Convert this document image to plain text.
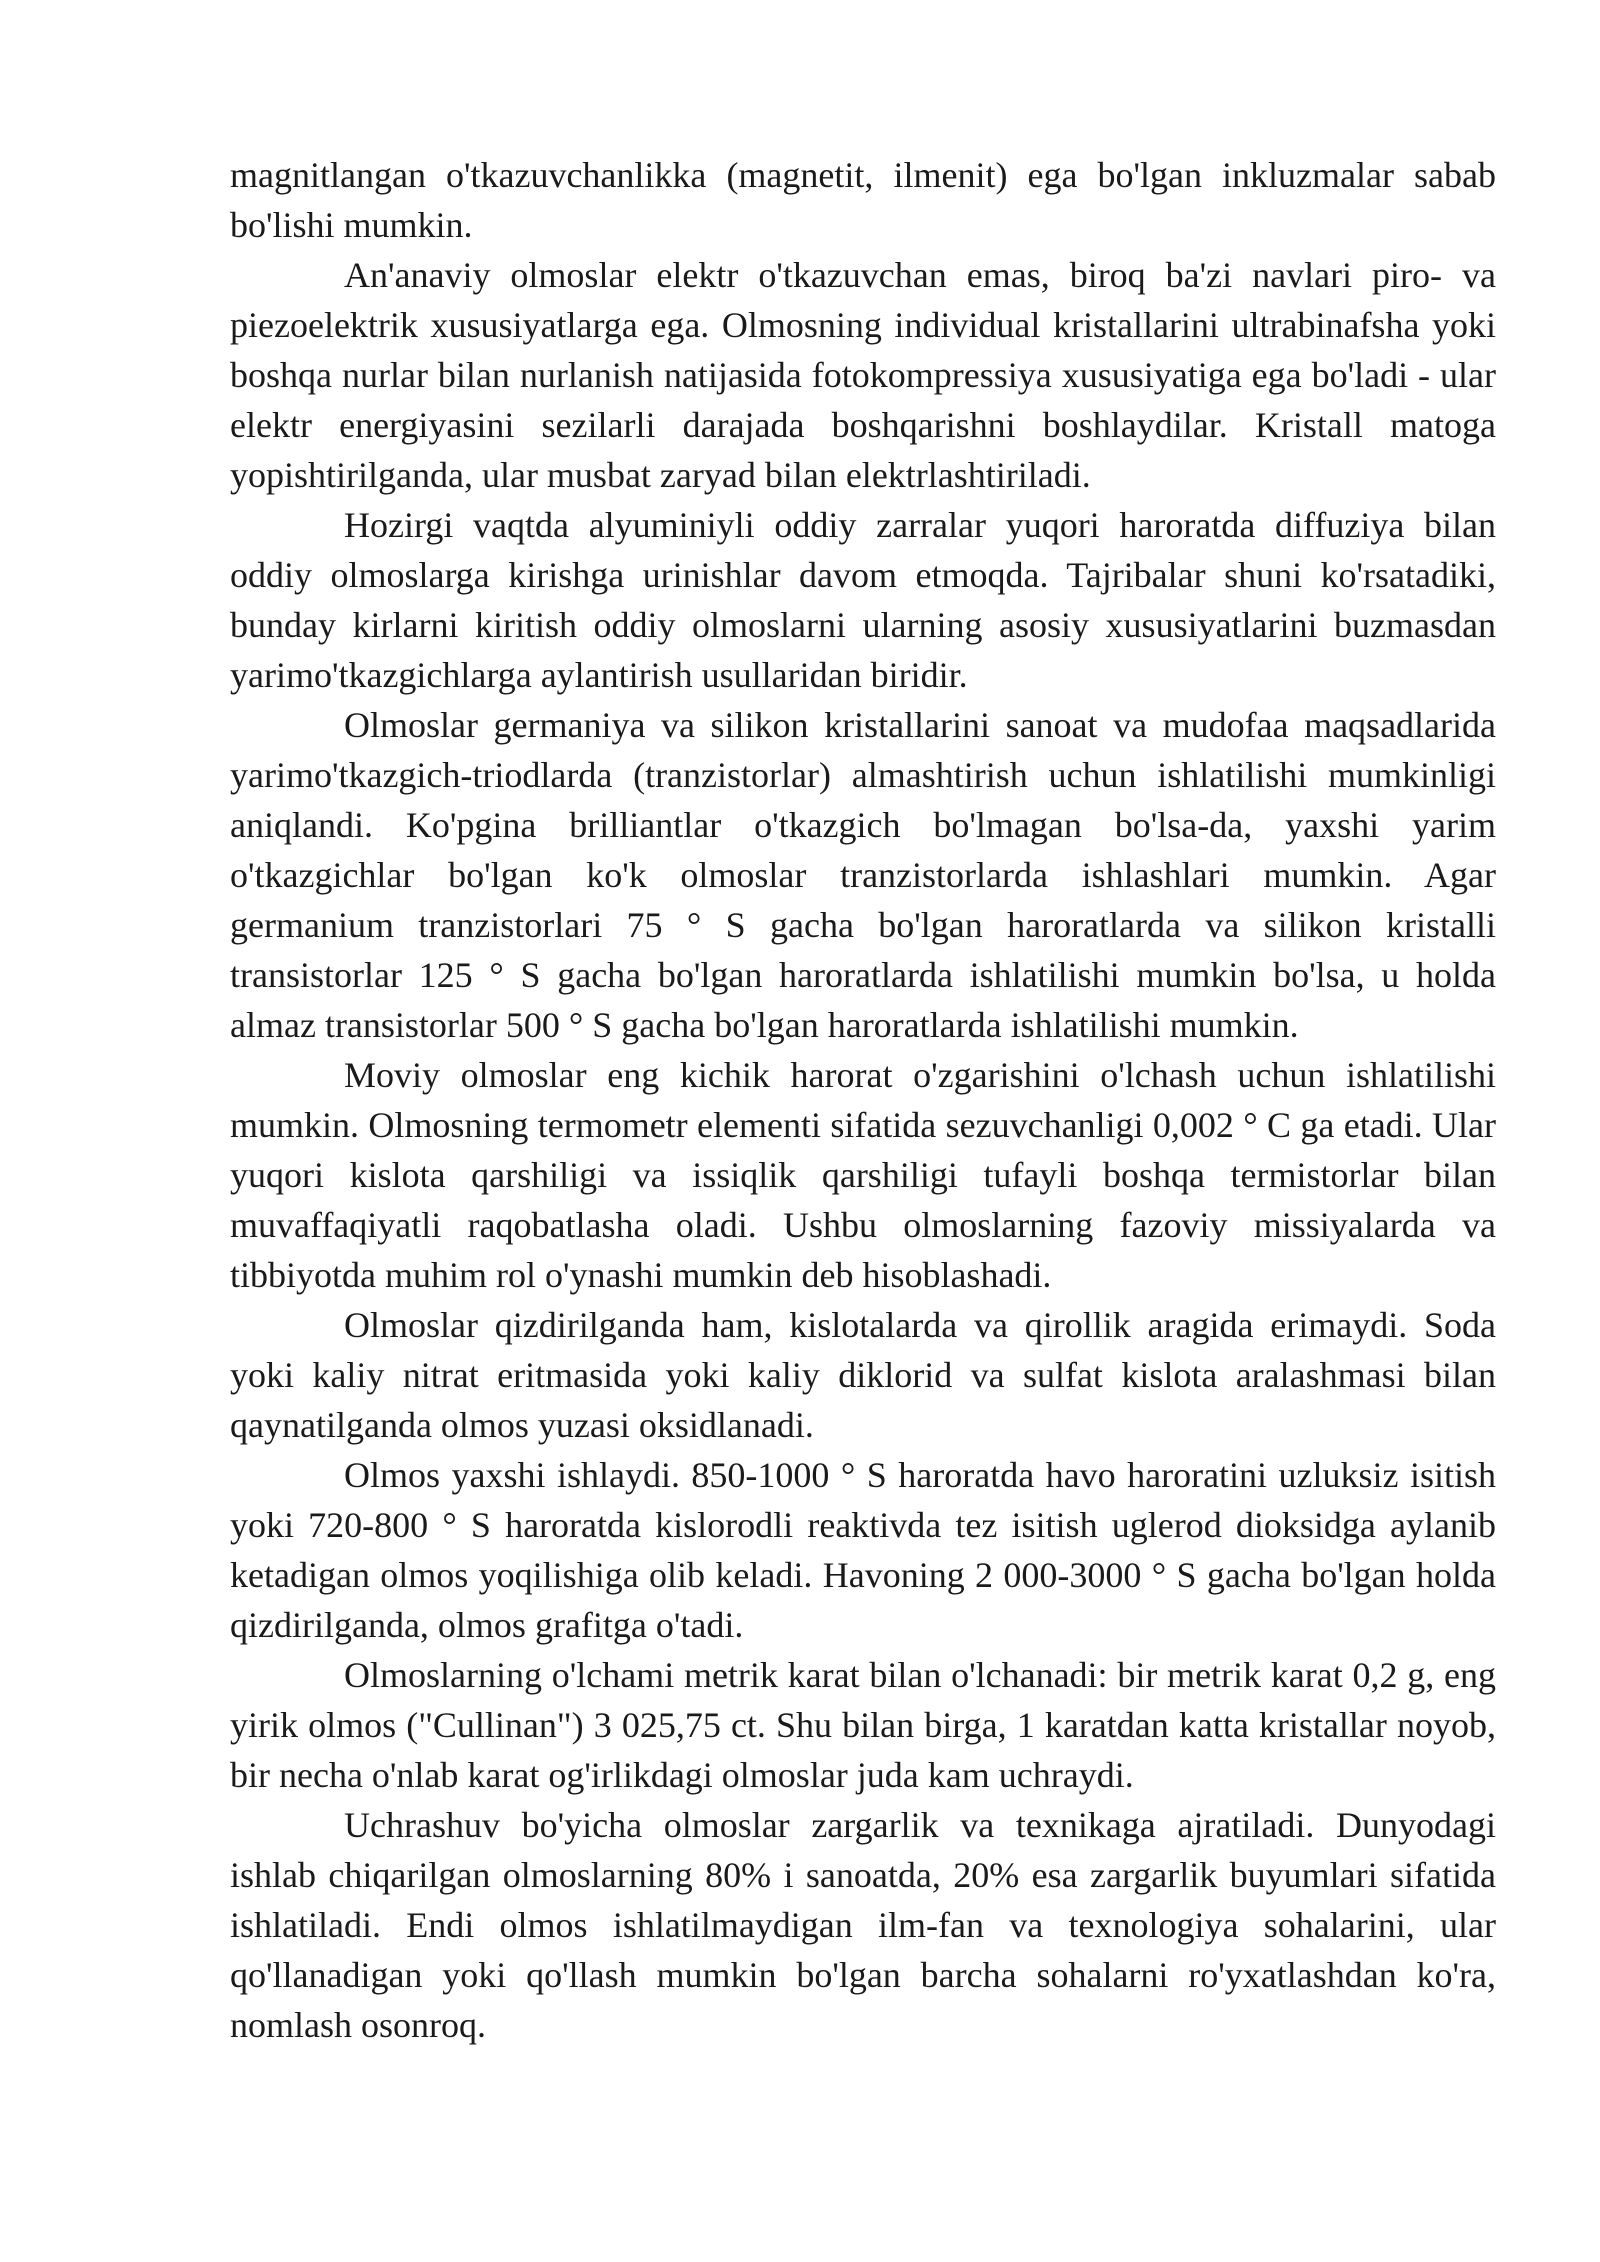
magnitlangan o'tkazuvchanlikka (magnetit, ilmenit) ega bo'lgan inkluzmalar sabab bo'lishi mumkin.

An'anaviy olmoslar elektr o'tkazuvchan emas, biroq ba'zi navlari piro- va piezoelektrik xususiyatlarga ega. Olmosning individual kristallarini ultrabinafsha yoki boshqa nurlar bilan nurlanish natijasida fotokompressiya xususiyatiga ega bo'ladi - ular elektr energiyasini sezilarli darajada boshqarishni boshlaydilar. Kristall matoga yopishtirilganda, ular musbat zaryad bilan elektrlashtiriladi.

Hozirgi vaqtda alyuminiyli oddiy zarralar yuqori haroratda diffuziya bilan oddiy olmoslarga kirishga urinishlar davom etmoqda. Tajribalar shuni ko'rsatadiki, bunday kirlarni kiritish oddiy olmoslarni ularning asosiy xususiyatlarini buzmasdan yarimo'tkazgichlarga aylantirish usullaridan biridir.

Olmoslar germaniya va silikon kristallarini sanoat va mudofaa maqsadlarida yarimo'tkazgich-triodlarda (tranzistorlar) almashtirish uchun ishlatilishi mumkinligi aniqlandi. Ko'pgina brilliantlar o'tkazgich bo'lmagan bo'lsa-da, yaxshi yarim o'tkazgichlar bo'lgan ko'k olmoslar tranzistorlarda ishlashlari mumkin. Agar germanium tranzistorlari 75 ° S gacha bo'lgan haroratlarda va silikon kristalli transistorlar 125 ° S gacha bo'lgan haroratlarda ishlatilishi mumkin bo'lsa, u holda almaz transistorlar 500 ° S gacha bo'lgan haroratlarda ishlatilishi mumkin.

Moviy olmoslar eng kichik harorat o'zgarishini o'lchash uchun ishlatilishi mumkin. Olmosning termometr elementi sifatida sezuvchanligi 0,002 ° C ga etadi. Ular yuqori kislota qarshiligi va issiqlik qarshiligi tufayli boshqa termistorlar bilan muvaffaqiyatli raqobatlasha oladi. Ushbu olmoslarning fazoviy missiyalarda va tibbiyotda muhim rol o'ynashi mumkin deb hisoblashadi.

Olmoslar qizdirilganda ham, kislotalarda va qirollik aragida erimaydi. Soda yoki kaliy nitrat eritmasida yoki kaliy diklorid va sulfat kislota aralashmasi bilan qaynatilganda olmos yuzasi oksidlanadi.

Olmos yaxshi ishlaydi. 850-1000 ° S haroratda havo haroratini uzluksiz isitish yoki 720-800 ° S haroratda kislorodli reaktivda tez isitish uglerod dioksidga aylanib ketadigan olmos yoqilishiga olib keladi. Havoning 2 000-3000 ° S gacha bo'lgan holda qizdirilganda, olmos grafitga o'tadi.

Olmoslarning o'lchami metrik karat bilan o'lchanadi: bir metrik karat 0,2 g, eng yirik olmos ("Cullinan") 3 025,75 ct. Shu bilan birga, 1 karatdan katta kristallar noyob, bir necha o'nlab karat og'irlikdagi olmoslar juda kam uchraydi.

Uchrashuv bo'yicha olmoslar zargarlik va texnikaga ajratiladi. Dunyodagi ishlab chiqarilgan olmoslarning 80% i sanoatda, 20% esa zargarlik buyumlari sifatida ishlatiladi. Endi olmos ishlatilmaydigan ilm-fan va texnologiya sohalarini, ular qo'llanadigan yoki qo'llash mumkin bo'lgan barcha sohalarni ro'yxatlashdan ko'ra, nomlash osonroq.
